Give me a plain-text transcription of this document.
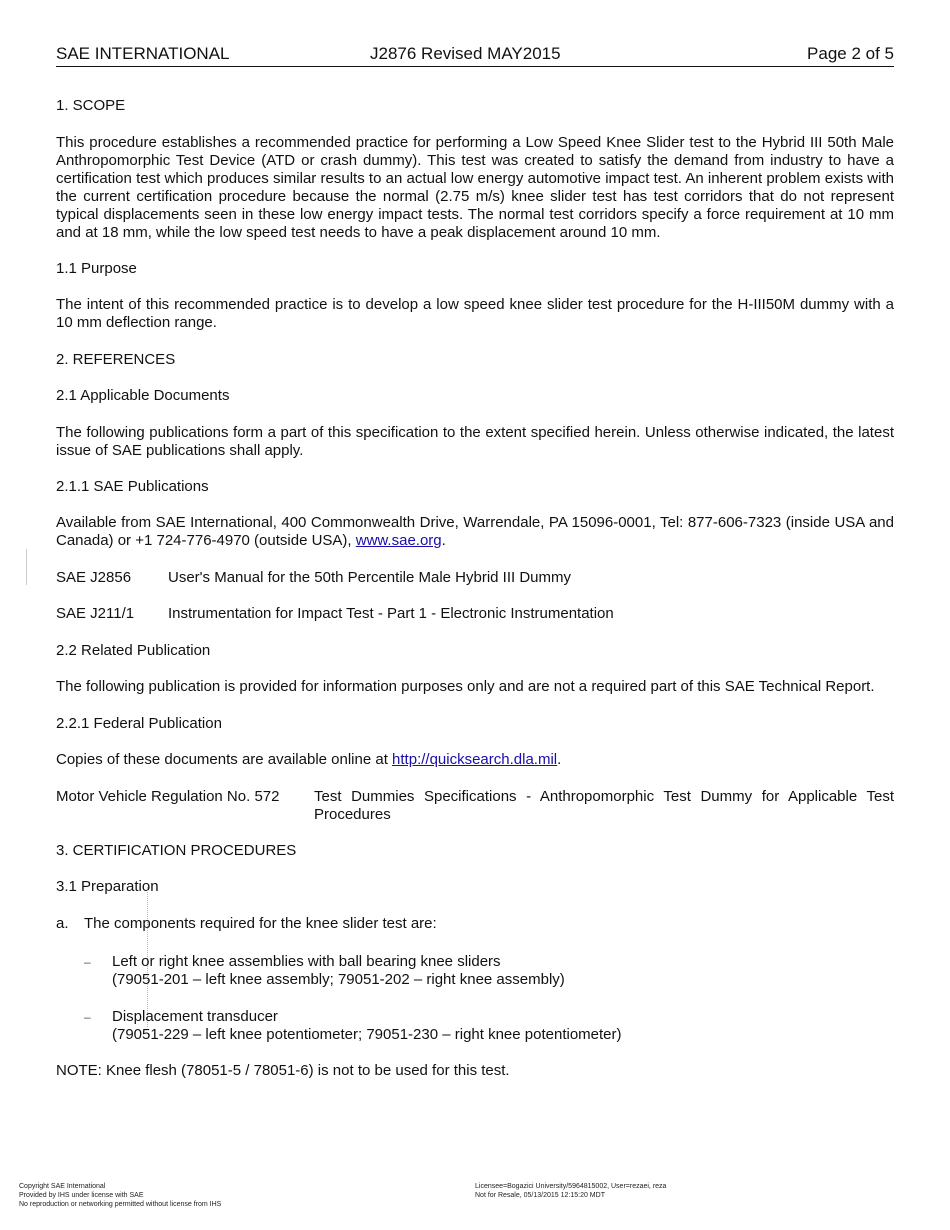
SAE INTERNATIONAL	J2876 Revised MAY2015	Page 2 of 5
1. SCOPE
This procedure establishes a recommended practice for performing a Low Speed Knee Slider test to the Hybrid III 50th Male Anthropomorphic Test Device (ATD or crash dummy). This test was created to satisfy the demand from industry to have a certification test which produces similar results to an actual low energy automotive impact test. An inherent problem exists with the current certification procedure because the normal (2.75 m/s) knee slider test has test corridors that do not represent typical displacements seen in these low energy impact tests. The normal test corridors specify a force requirement at 10 mm and at 18 mm, while the low speed test needs to have a peak displacement around 10 mm.
1.1 Purpose
The intent of this recommended practice is to develop a low speed knee slider test procedure for the H-III50M dummy with a 10 mm deflection range.
2. REFERENCES
2.1 Applicable Documents
The following publications form a part of this specification to the extent specified herein. Unless otherwise indicated, the latest issue of SAE publications shall apply.
2.1.1 SAE Publications
Available from SAE International, 400 Commonwealth Drive, Warrendale, PA 15096-0001, Tel: 877-606-7323 (inside USA and Canada) or +1 724-776-4970 (outside USA), www.sae.org.
SAE J2856 User's Manual for the 50th Percentile Male Hybrid III Dummy
SAE J211/1 Instrumentation for Impact Test - Part 1 - Electronic Instrumentation
2.2 Related Publication
The following publication is provided for information purposes only and are not a required part of this SAE Technical Report.
2.2.1 Federal Publication
Copies of these documents are available online at http://quicksearch.dla.mil.
Motor Vehicle Regulation No. 572 Test Dummies Specifications - Anthropomorphic Test Dummy for Applicable Test Procedures
3. CERTIFICATION PROCEDURES
3.1 Preparation
a. The components required for the knee slider test are:
– Left or right knee assemblies with ball bearing knee sliders
(79051-201 – left knee assembly; 79051-202 – right knee assembly)
– Displacement transducer
(79051-229 – left knee potentiometer; 79051-230 – right knee potentiometer)
NOTE: Knee flesh (78051-5 / 78051-6) is not to be used for this test.
Copyright SAE International
Provided by IHS under license with SAE
No reproduction or networking permitted without license from IHS
Licensee=Bogazici University/5964815002, User=rezaei, reza
Not for Resale, 05/13/2015 12:15:20 MDT
